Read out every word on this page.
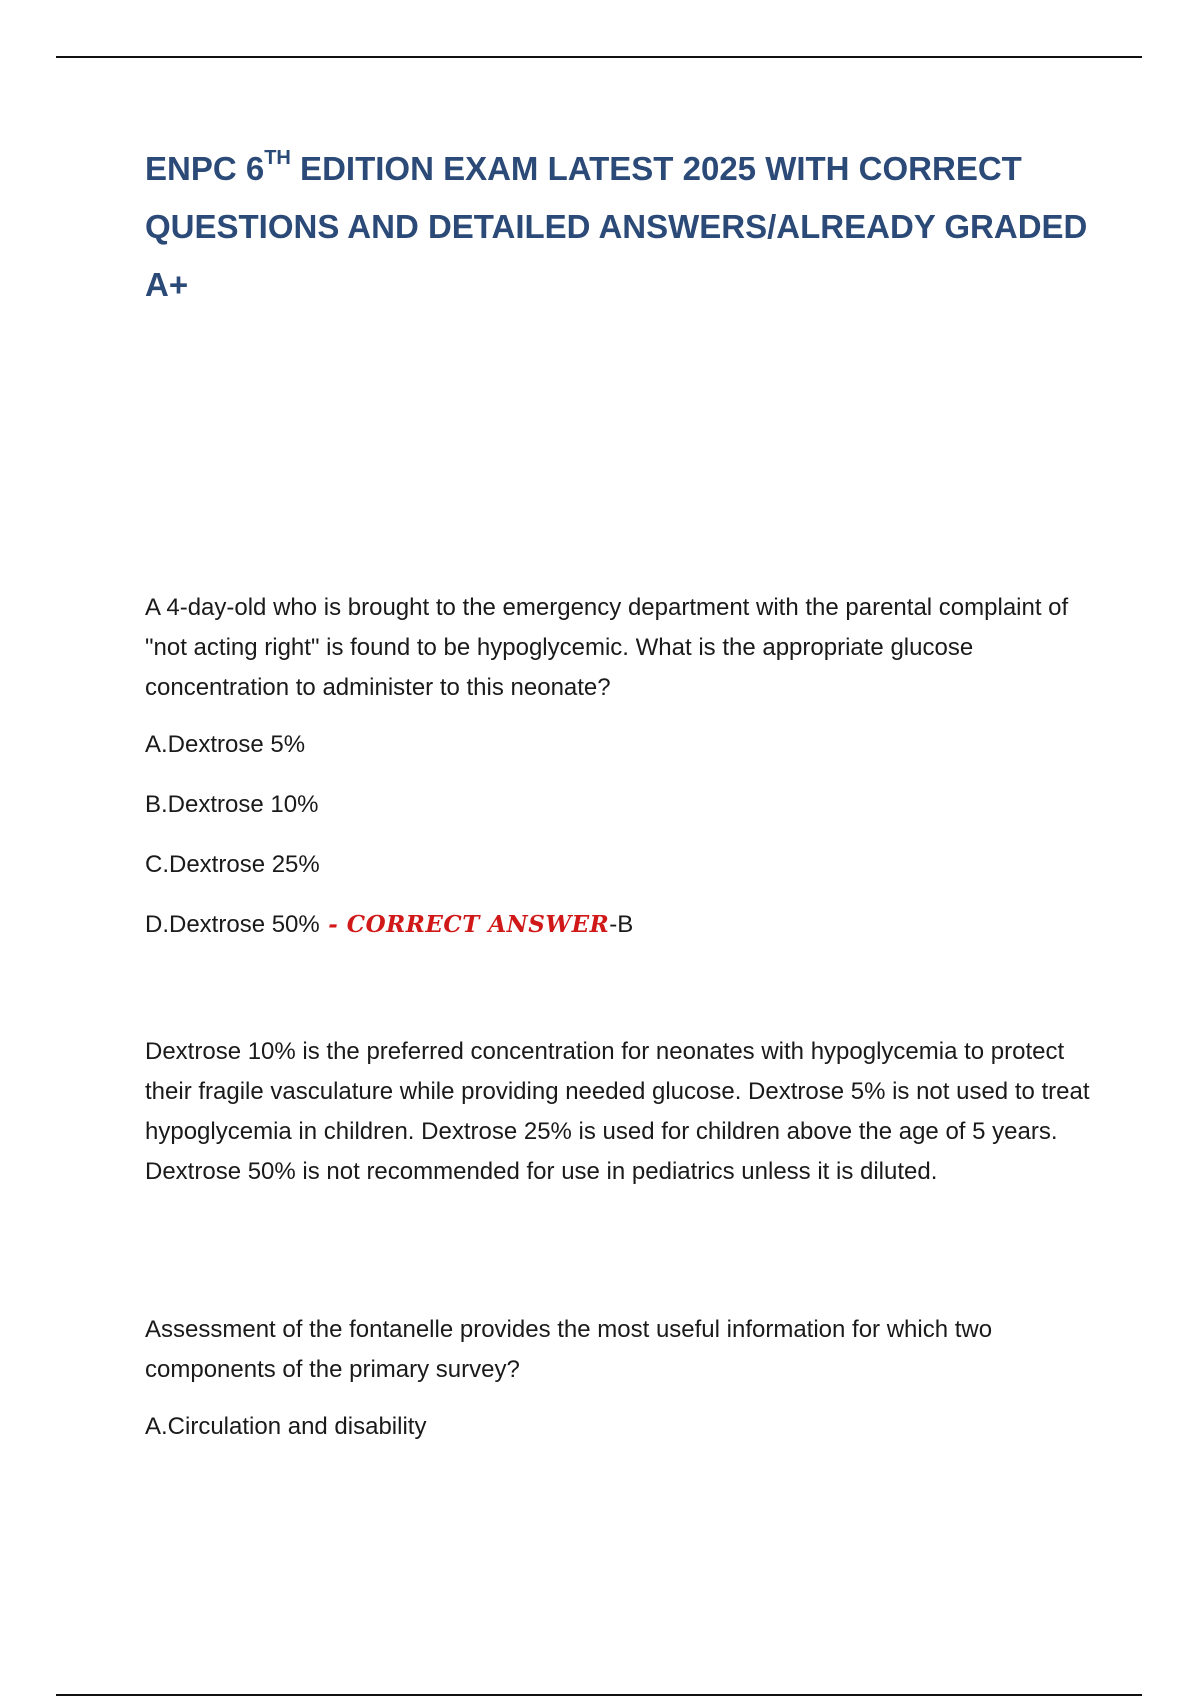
ENPC 6TH EDITION EXAM LATEST 2025 WITH CORRECT QUESTIONS AND DETAILED ANSWERS/ALREADY GRADED A+

A 4-day-old who is brought to the emergency department with the parental complaint of "not acting right" is found to be hypoglycemic. What is the appropriate glucose concentration to administer to this neonate?

A.Dextrose 5%
B.Dextrose 10%
C.Dextrose 25%
D.Dextrose 50% - CORRECT ANSWER-B

Dextrose 10% is the preferred concentration for neonates with hypoglycemia to protect their fragile vasculature while providing needed glucose. Dextrose 5% is not used to treat hypoglycemia in children. Dextrose 25% is used for children above the age of 5 years. Dextrose 50% is not recommended for use in pediatrics unless it is diluted.

Assessment of the fontanelle provides the most useful information for which two components of the primary survey?

A.Circulation and disability
